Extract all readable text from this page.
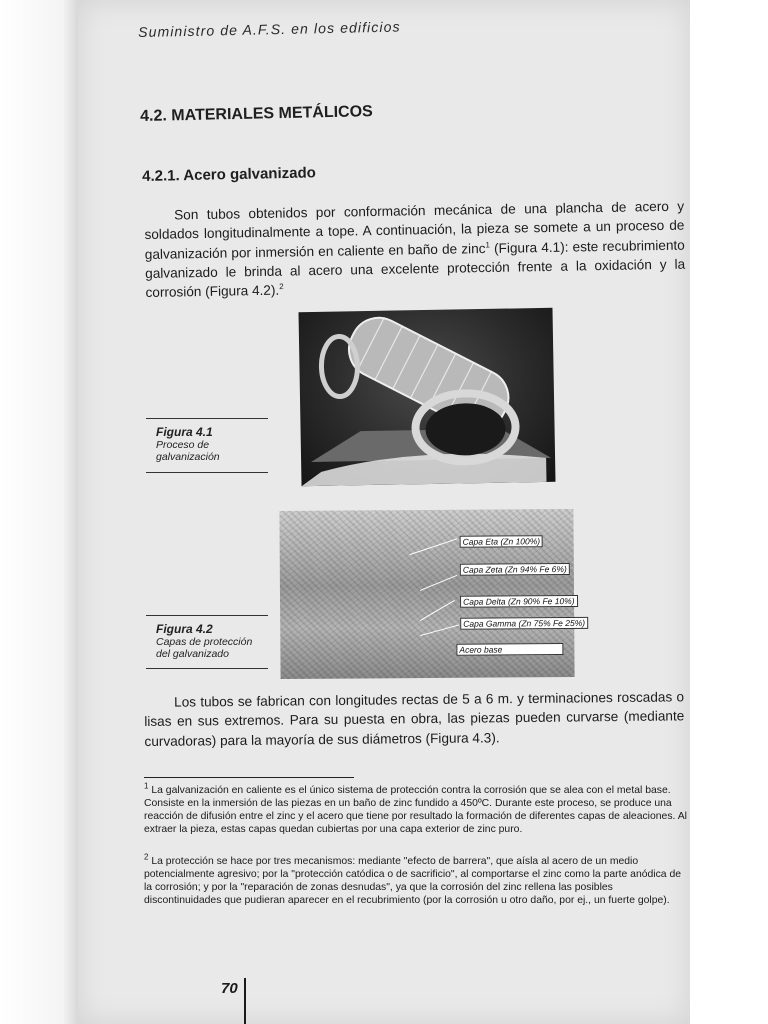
Suministro de A.F.S. en los edificios
4.2. MATERIALES METÁLICOS
4.2.1. Acero galvanizado
Son tubos obtenidos por conformación mecánica de una plancha de acero y soldados longitudinalmente a tope. A continuación, la pieza se somete a un proceso de galvanización por inmersión en caliente en baño de zinc$^1$ (Figura 4.1): este recubrimiento galvanizado le brinda al acero una excelente protección frente a la oxidación y la corrosión (Figura 4.2).$^2$
Figura 4.1
Proceso de
galvanización
Capa Eta (Zn 100%)
Capa Zeta (Zn 94% Fe 6%)
Capa Delta (Zn 90% Fe 10%)
Capa Gamma (Zn 75% Fe 25%)
Acero base
Figura 4.2
Capas de protección
del galvanizado
Los tubos se fabrican con longitudes rectas de 5 a 6 m. y terminaciones roscadas o lisas en sus extremos. Para su puesta en obra, las piezas pueden curvarse (mediante curvadoras) para la mayoría de sus diámetros (Figura 4.3).
$^1$ La galvanización en caliente es el único sistema de protección contra la corrosión que se alea con el metal base. Consiste en la inmersión de las piezas en un baño de zinc fundido a 450ºC. Durante este proceso, se produce una reacción de difusión entre el zinc y el acero que tiene por resultado la formación de diferentes capas de aleaciones. Al extraer la pieza, estas capas quedan cubiertas por una capa exterior de zinc puro.
$^2$ La protección se hace por tres mecanismos: mediante "efecto de barrera", que aísla al acero de un medio potencialmente agresivo; por la "protección catódica o de sacrificio", al comportarse el zinc como la parte anódica de la corrosión; y por la "reparación de zonas desnudas", ya que la corrosión del zinc rellena las posibles discontinuidades que pudieran aparecer en el recubrimiento (por la corrosión u otro daño, por ej., un fuerte golpe).
70
